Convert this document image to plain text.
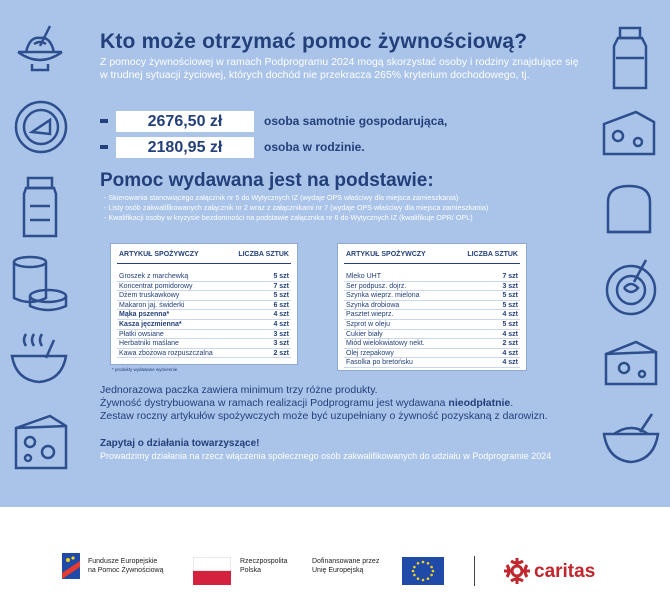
Kto może otrzymać pomoc żywnościową?

Z pomocy żywnościowej w ramach Podprogramu 2024 mogą skorzystać osoby i rodziny znajdujące się w trudnej sytuacji życiowej, których dochód nie przekracza 265% kryterium dochodowego, tj.

2676,50 zł	osoba samotnie gospodarująca,
2180,95 zł	osoba w rodzinie.
Pomoc wydawana jest na podstawie:
- Skierowania stanowiącego załącznik nr 5 do Wytycznych IZ (wydaje OPS właściwy dla miejsca zamieszkania)
- Listy osób zakwalifikowanych załącznik nr 2 wraz z załącznikami nr 7 (wydaje OPS właściwy dla miejsca zamieszkania)
- Kwalifikacji osoby w kryzysie bezdomności na podstawie załącznika nr 6 do Wytycznych IZ (kwalifikuje OPR/ OPL)
ARTYKUŁ SPOŻYWCZY	LICZBA SZTUK
Groszek z marchewką	5 szt
Koncentrat pomidorowy	7 szt
Dżem truskawkowy	5 szt
Makaron jaj. świderki	6 szt
Mąka pszenna*	4 szt
Kasza jęczmienna*	4 szt
Płatki owsiane	3 szt
Herbatniki maślane	3 szt
Kawa zbożowa rozpuszczalna	2 szt
* produkty wydawane wymiennie
ARTYKUŁ SPOŻYWCZY	LICZBA SZTUK
Mleko UHT	7 szt
Ser podpusz. dojrz.	3 szt
Szynka wieprz. mielona	5 szt
Szynka drobiowa	5 szt
Pasztet wieprz.	4 szt
Szprot w oleju	5 szt
Cukier biały	4 szt
Miód wielokwiatowy nekt.	2 szt
Olej rzepakowy	4 szt
Fasolka po bretońsku	4 szt

Jednorazowa paczka zawiera minimum trzy różne produkty.

Żywność dystrybuowana w ramach realizacji Podprogramu jest wydawana nieodpłatnie.

Zestaw roczny artykułów spożywczych może być uzupełniany o żywność pozyskaną z darowizn.

Zapytaj o działania towarzyszące!
Prowadzimy działania na rzecz włączenia społecznego osób zakwalifikowanych do udziału w Podprogramie 2024
Fundusze Europejskie
na Pomoc Żywnościową
Rzeczpospolita
Polska
Dofinansowane przez
Unię Europejską	caritas
